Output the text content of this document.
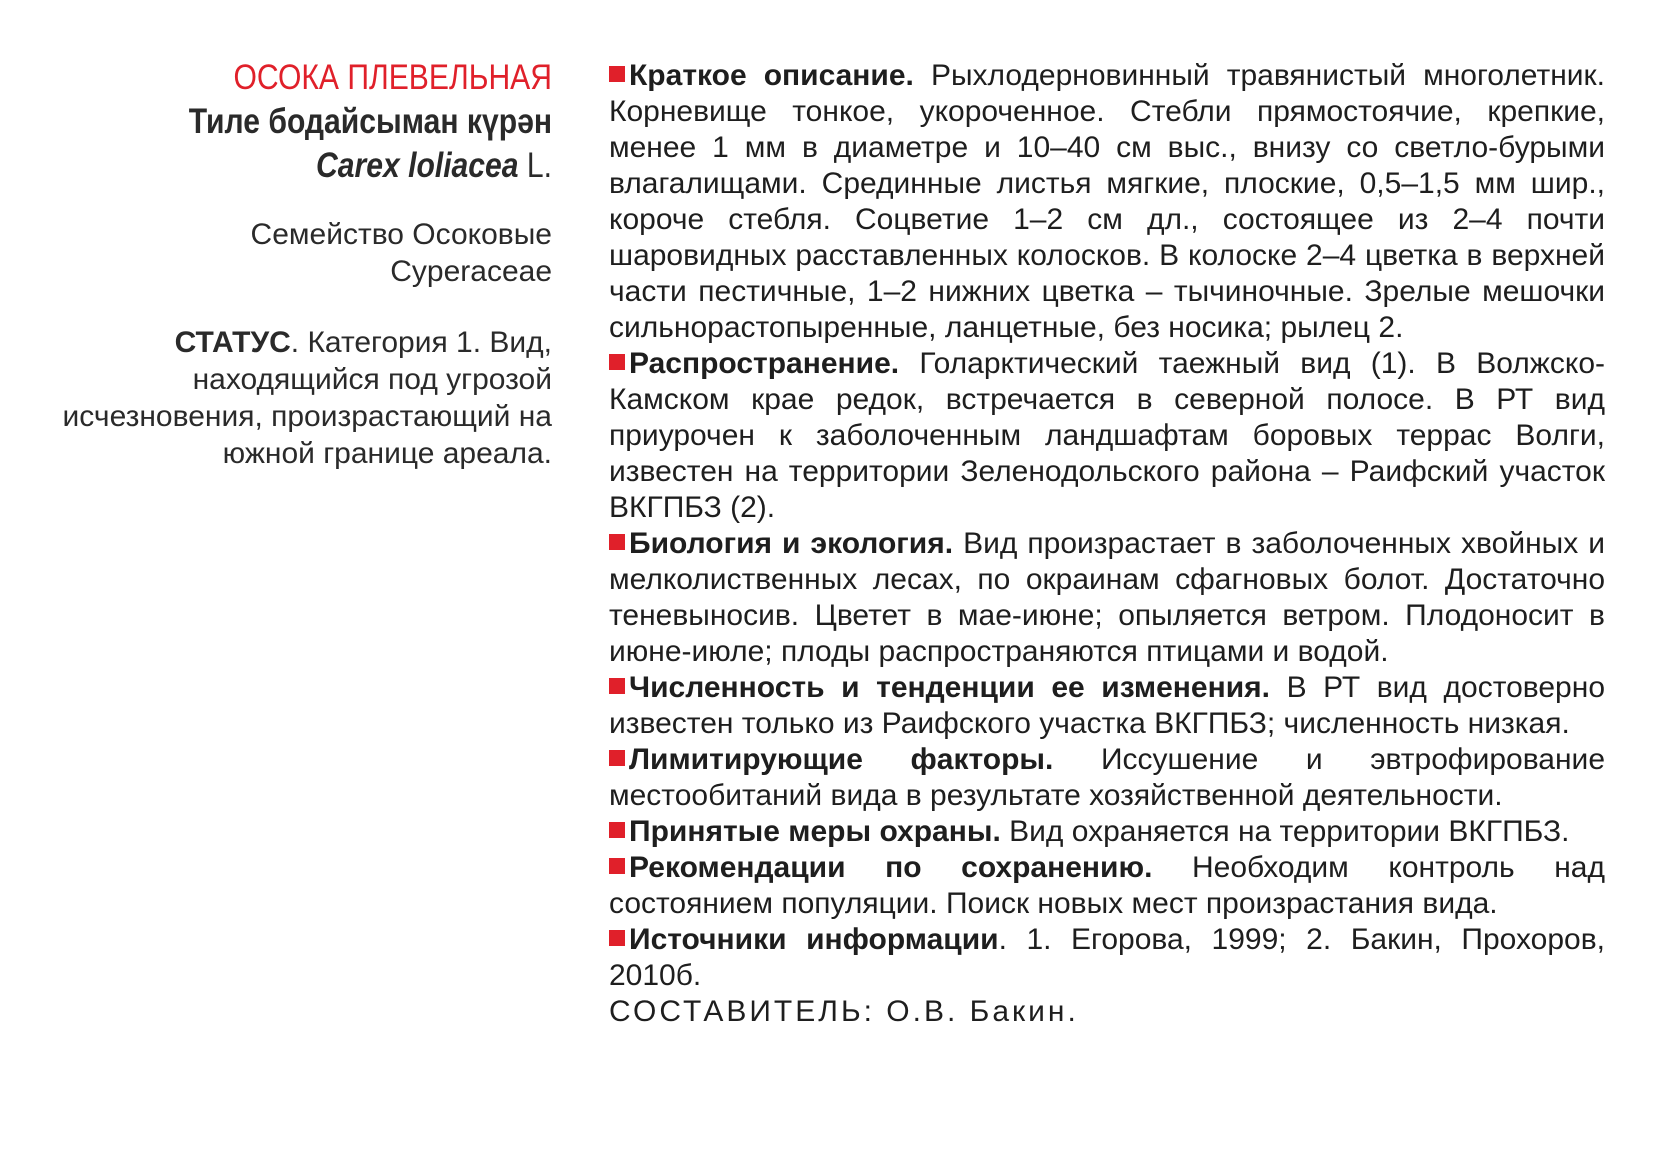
ОСОКА ПЛЕВЕЛЬНАЯ
Тиле бодайсыман күрән
Carex loliacea L.
Семейство Осоковые
Cyperaceae
СТАТУС. Категория 1. Вид, находящийся под угрозой исчезновения, произрастающий на южной границе ареала.

Краткое описание. Рыхлодерновинный травянистый многолетник. Корневище тонкое, укороченное. Стебли прямостоячие, крепкие, менее 1 мм в диаметре и 10–40 см выс., внизу со светло-бурыми влагалищами. Срединные листья мягкие, плоские, 0,5–1,5 мм шир., короче стебля. Соцветие 1–2 см дл., состоящее из 2–4 почти шаровидных расставленных колосков. В колоске 2–4 цветка в верхней части пестичные, 1–2 нижних цветка – тычиночные. Зрелые мешочки сильнорастопыренные, ланцетные, без носика; рылец 2.

Распространение. Голарктический таежный вид (1). В Волжско-Камском крае редок, встречается в северной полосе. В РТ вид приурочен к заболоченным ландшафтам боровых террас Волги, известен на территории Зеленодольского района – Раифский участок ВКГПБЗ (2).

Биология и экология. Вид произрастает в заболоченных хвойных и мелколиственных лесах, по окраинам сфагновых болот. Достаточно теневыносив. Цветет в мае-июне; опыляется ветром. Плодоносит в июне-июле; плоды распространяются птицами и водой.

Численность и тенденции ее изменения. В РТ вид достоверно известен только из Раифского участка ВКГПБЗ; численность низкая.

Лимитирующие факторы. Иссушение и эвтрофирование местообитаний вида в результате хозяйственной деятельности.

Принятые меры охраны. Вид охраняется на территории ВКГПБЗ.

Рекомендации по сохранению. Необходим контроль над состоянием популяции. Поиск новых мест произрастания вида.

Источники информации. 1. Егорова, 1999; 2. Бакин, Прохоров, 2010б.

СОСТАВИТЕЛЬ: О.В. Бакин.
